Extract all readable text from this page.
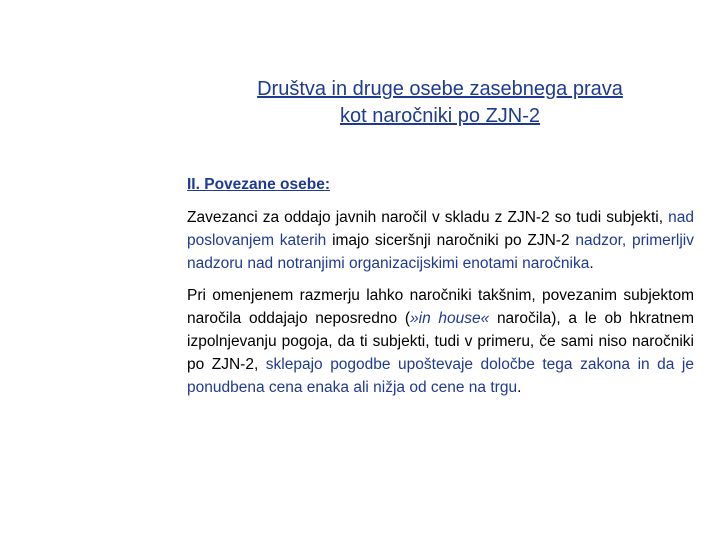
Društva in druge osebe zasebnega prava
kot naročniki po ZJN-2
II. Povezane osebe:

Zavezanci za oddajo javnih naročil v skladu z ZJN-2 so tudi subjekti, nad poslovanjem katerih imajo siceršnji naročniki po ZJN-2 nadzor, primerljiv nadzoru nad notranjimi organizacijskimi enotami naročnika.

Pri omenjenem razmerju lahko naročniki takšnim, povezanim subjektom naročila oddajajo neposredno (»in house« naročila), a le ob hkratnem izpolnjevanju pogoja, da ti subjekti, tudi v primeru, če sami niso naročniki po ZJN-2, sklepajo pogodbe upoštevaje določbe tega zakona in da je ponudbena cena enaka ali nižja od cene na trgu.
